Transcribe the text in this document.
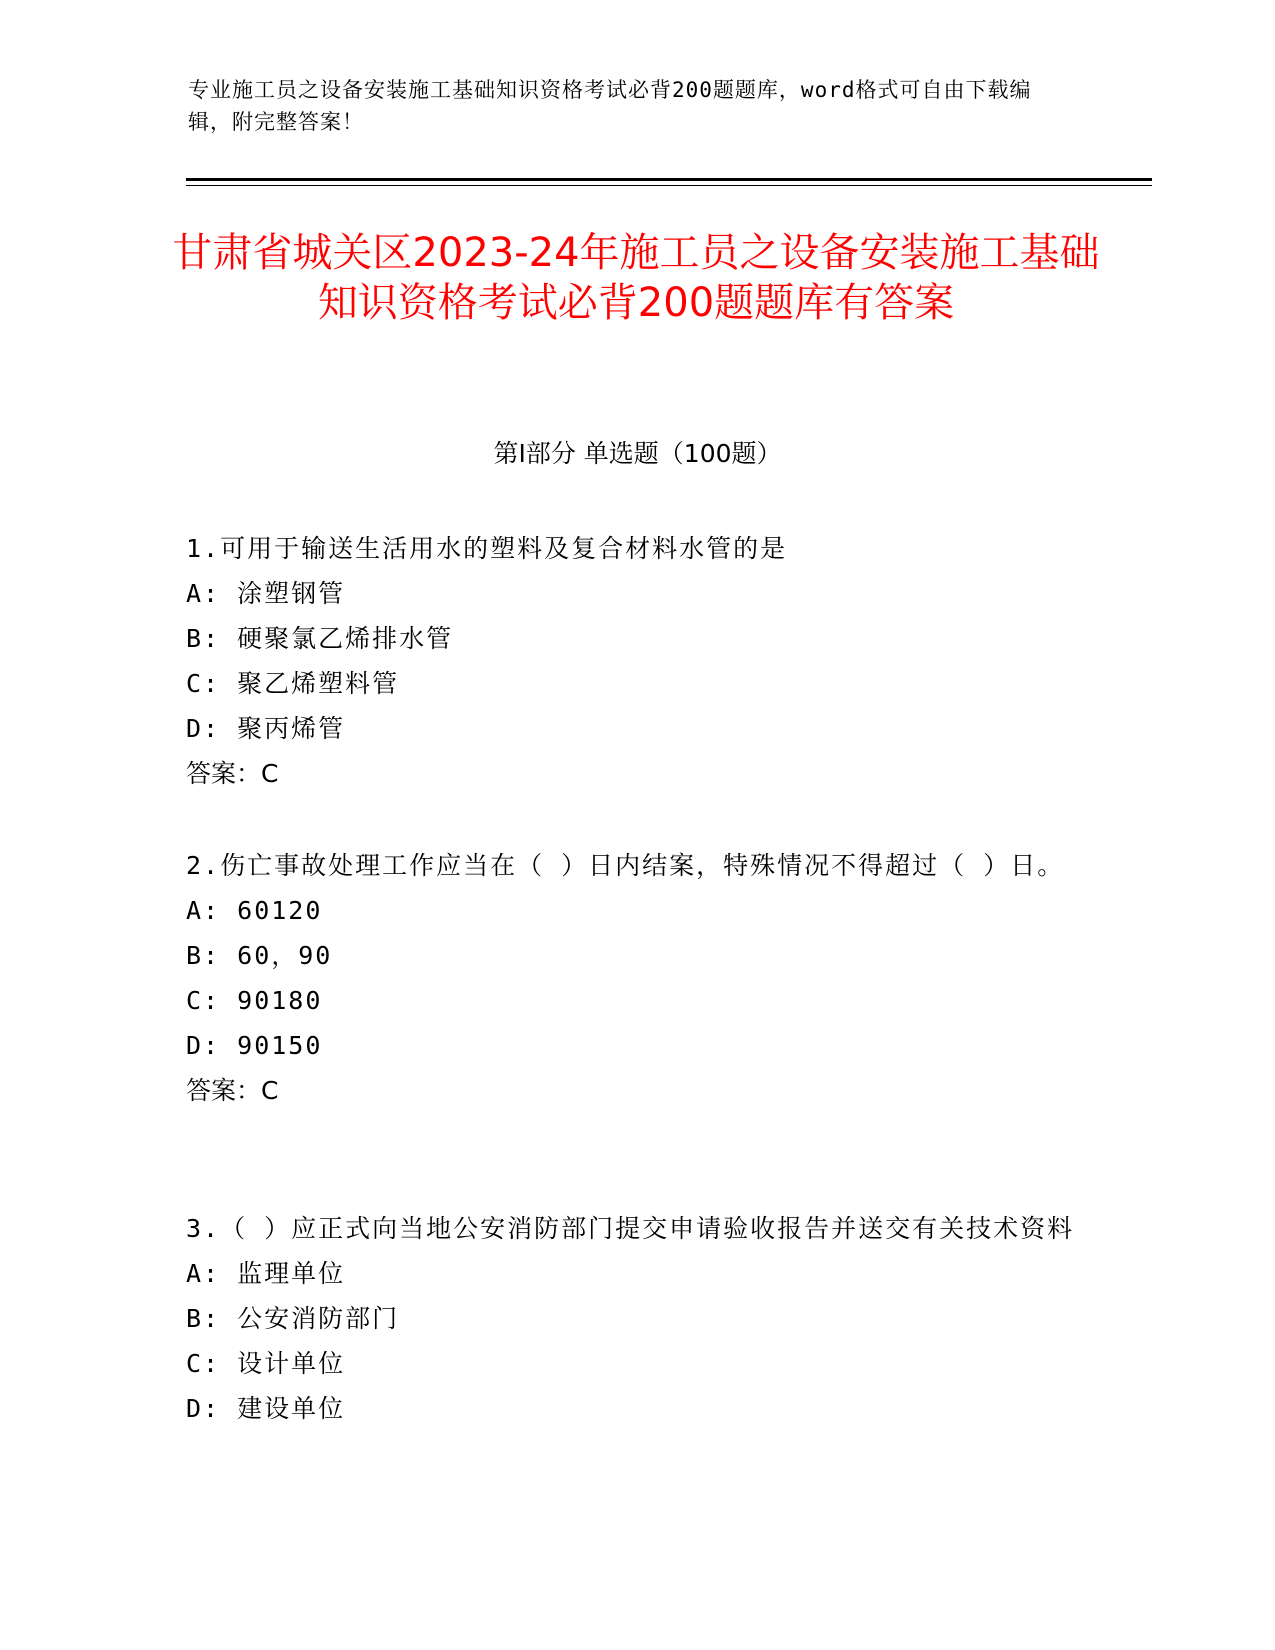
专业施工员之设备安装施工基础知识资格考试必背200题题库，word格式可自由下载编辑，附完整答案！
甘肃省城关区2023-24年施工员之设备安装施工基础知识资格考试必背200题题库有答案
第I部分 单选题（100题）
1.可用于输送生活用水的塑料及复合材料水管的是
A: 涂塑钢管
B: 硬聚氯乙烯排水管
C: 聚乙烯塑料管
D: 聚丙烯管
答案：C
2.伤亡事故处理工作应当在（ ）日内结案，特殊情况不得超过（ ）日。
A: 60120
B: 60，90
C: 90180
D: 90150
答案：C
3.（ ）应正式向当地公安消防部门提交申请验收报告并送交有关技术资料
A: 监理单位
B: 公安消防部门
C: 设计单位
D: 建设单位
